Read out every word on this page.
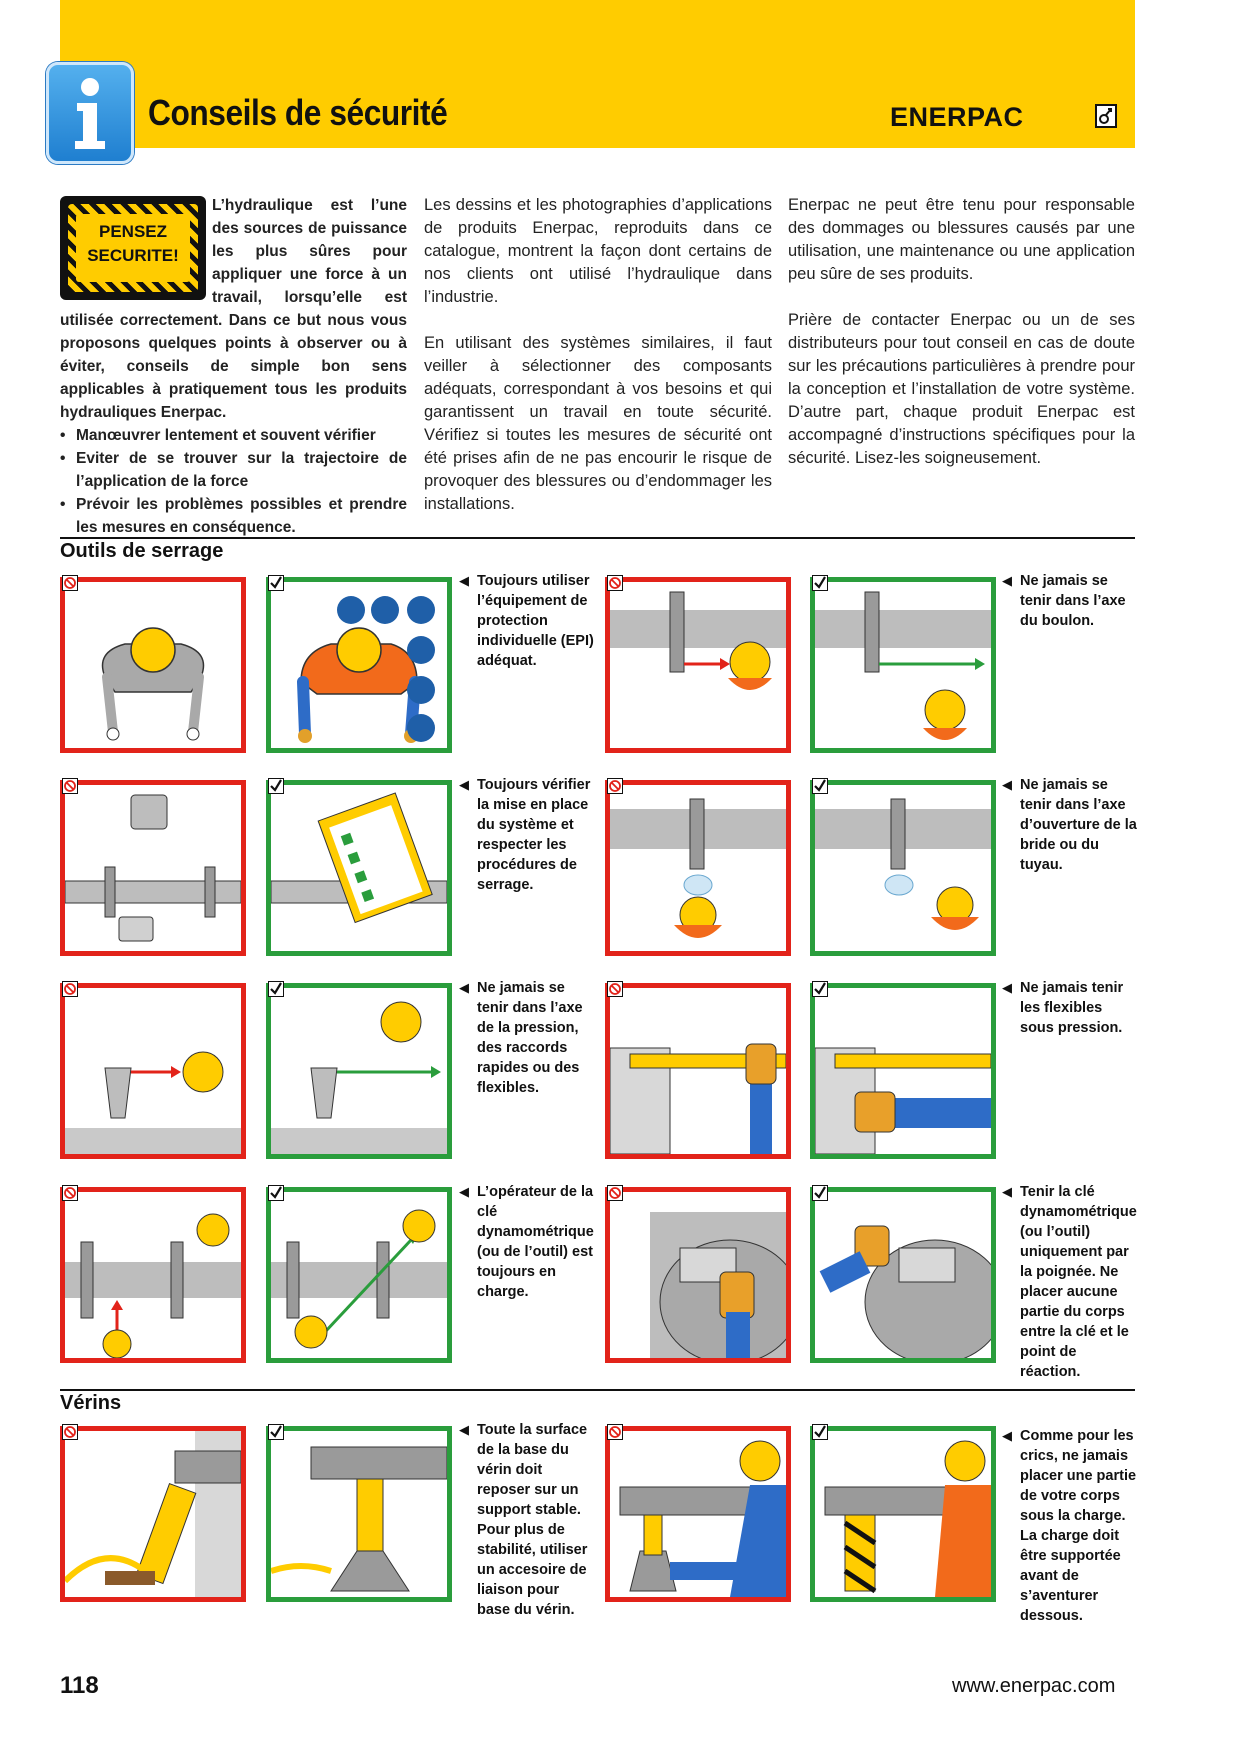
Conseils de sécurité	ENERPAC
PENSEZ
SECURITE!
L’hydraulique est l’une des sources de puissance les plus sûres pour appliquer une force à un travail, lorsqu’elle est utilisée correctement. Dans ce but nous vous proposons quelques points à observer ou à éviter, conseils de simple bon sens applicables à pratiquement tous les produits hydrauliques Enerpac.
• Manœuvrer lentement et souvent vérifier
• Eviter de se trouver sur la trajectoire de l’application de la force
• Prévoir les problèmes possibles et prendre les mesures en conséquence.

Les dessins et les photographies d’applications de produits Enerpac, reproduits dans ce catalogue, montrent la façon dont certains de nos clients ont utilisé l’hydraulique dans l’industrie.

En utilisant des systèmes similaires, il faut veiller à sélectionner des composants adéquats, correspondant à vos besoins et qui garantissent un travail en toute sécurité. Vérifiez si toutes les mesures de sécurité ont été prises afin de ne pas encourir le risque de provoquer des blessures ou d’endommager les installations.

Enerpac ne peut être tenu pour responsable des dommages ou blessures causés par une utilisation, une maintenance ou une application peu sûre de ses produits.

Prière de contacter Enerpac ou un de ses distributeurs pour tout conseil en cas de doute sur les précautions particulières à prendre pour la conception et l’installation de votre système. D’autre part, chaque produit Enerpac est accompagné d’instructions spécifiques pour la sécurité. Lisez-les soigneusement.

Outils de serrage
◀ Toujours utiliser l’équipement de protection individuelle (EPI) adéquat.
◀ Ne jamais se tenir dans l’axe du boulon.
◀ Toujours vérifier la mise en place du système et respecter les procédures de serrage.
◀ Ne jamais se tenir dans l’axe d’ouverture de la bride ou du tuyau.
◀ Ne jamais se tenir dans l’axe de la pression, des raccords rapides ou des flexibles.
◀ Ne jamais tenir les flexibles sous pression.
◀ L’opérateur de la clé dynamométrique (ou de l’outil) est toujours en charge.
◀ Tenir la clé dynamométrique (ou l’outil) uniquement par la poignée. Ne placer aucune partie du corps entre la clé et le point de réaction.
Vérins
◀ Toute la surface de la base du vérin doit reposer sur un support stable. Pour plus de stabilité, utiliser un accesoire de liaison pour base du vérin.
◀ Comme pour les crics, ne jamais placer une partie de votre corps sous la charge. La charge doit être supportée avant de s’aventurer dessous.
118	www.enerpac.com
